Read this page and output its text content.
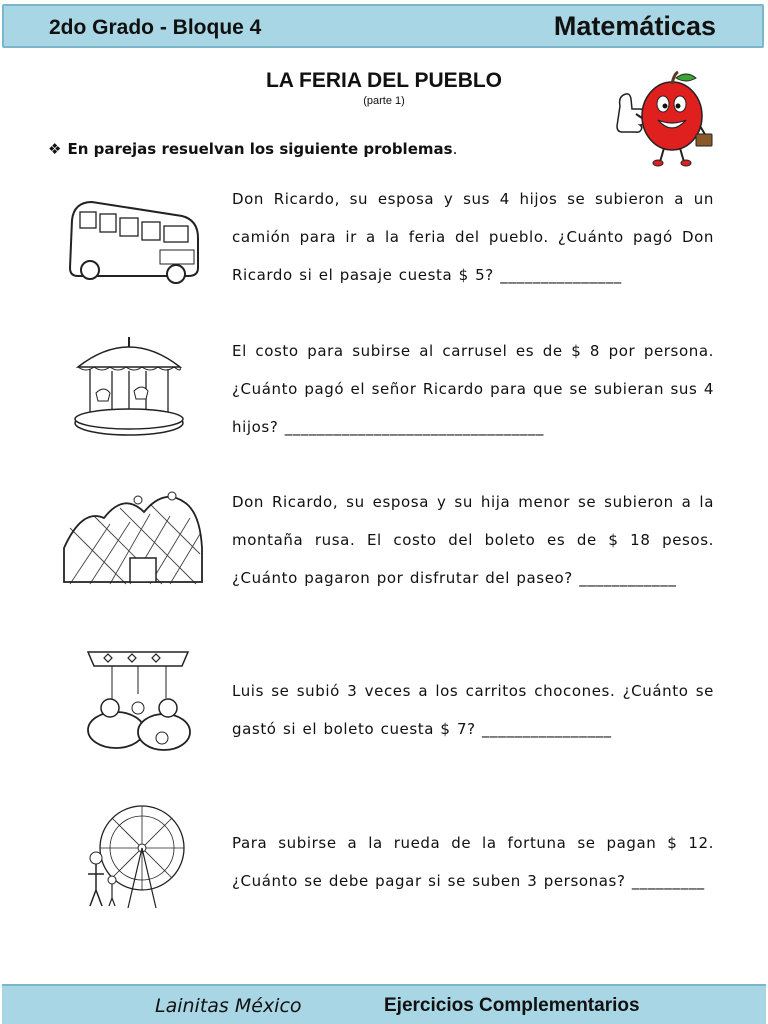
2do Grado - Bloque 4	Matemáticas
LA FERIA DEL PUEBLO
(parte 1)
❖ En parejas resuelvan los siguiente problemas.
Don Ricardo, su esposa y sus 4 hijos se subieron a un camión para ir a la feria del pueblo. ¿Cuánto pagó Don Ricardo si el pasaje cuesta $ 5? _______________
El costo para subirse al carrusel es de $ 8 por persona. ¿Cuánto pagó el señor Ricardo para que se subieran sus 4 hijos? ________________________________
Don Ricardo, su esposa y su hija menor se subieron a la montaña rusa. El costo del boleto es de $ 18 pesos. ¿Cuánto pagaron por disfrutar del paseo? ____________
Luis se subió 3 veces a los carritos chocones. ¿Cuánto se gastó si el boleto cuesta $ 7? ________________
Para subirse a la rueda de la fortuna se pagan $ 12. ¿Cuánto se debe pagar si se suben 3 personas? _________
Lainitas México	Ejercicios Complementarios
